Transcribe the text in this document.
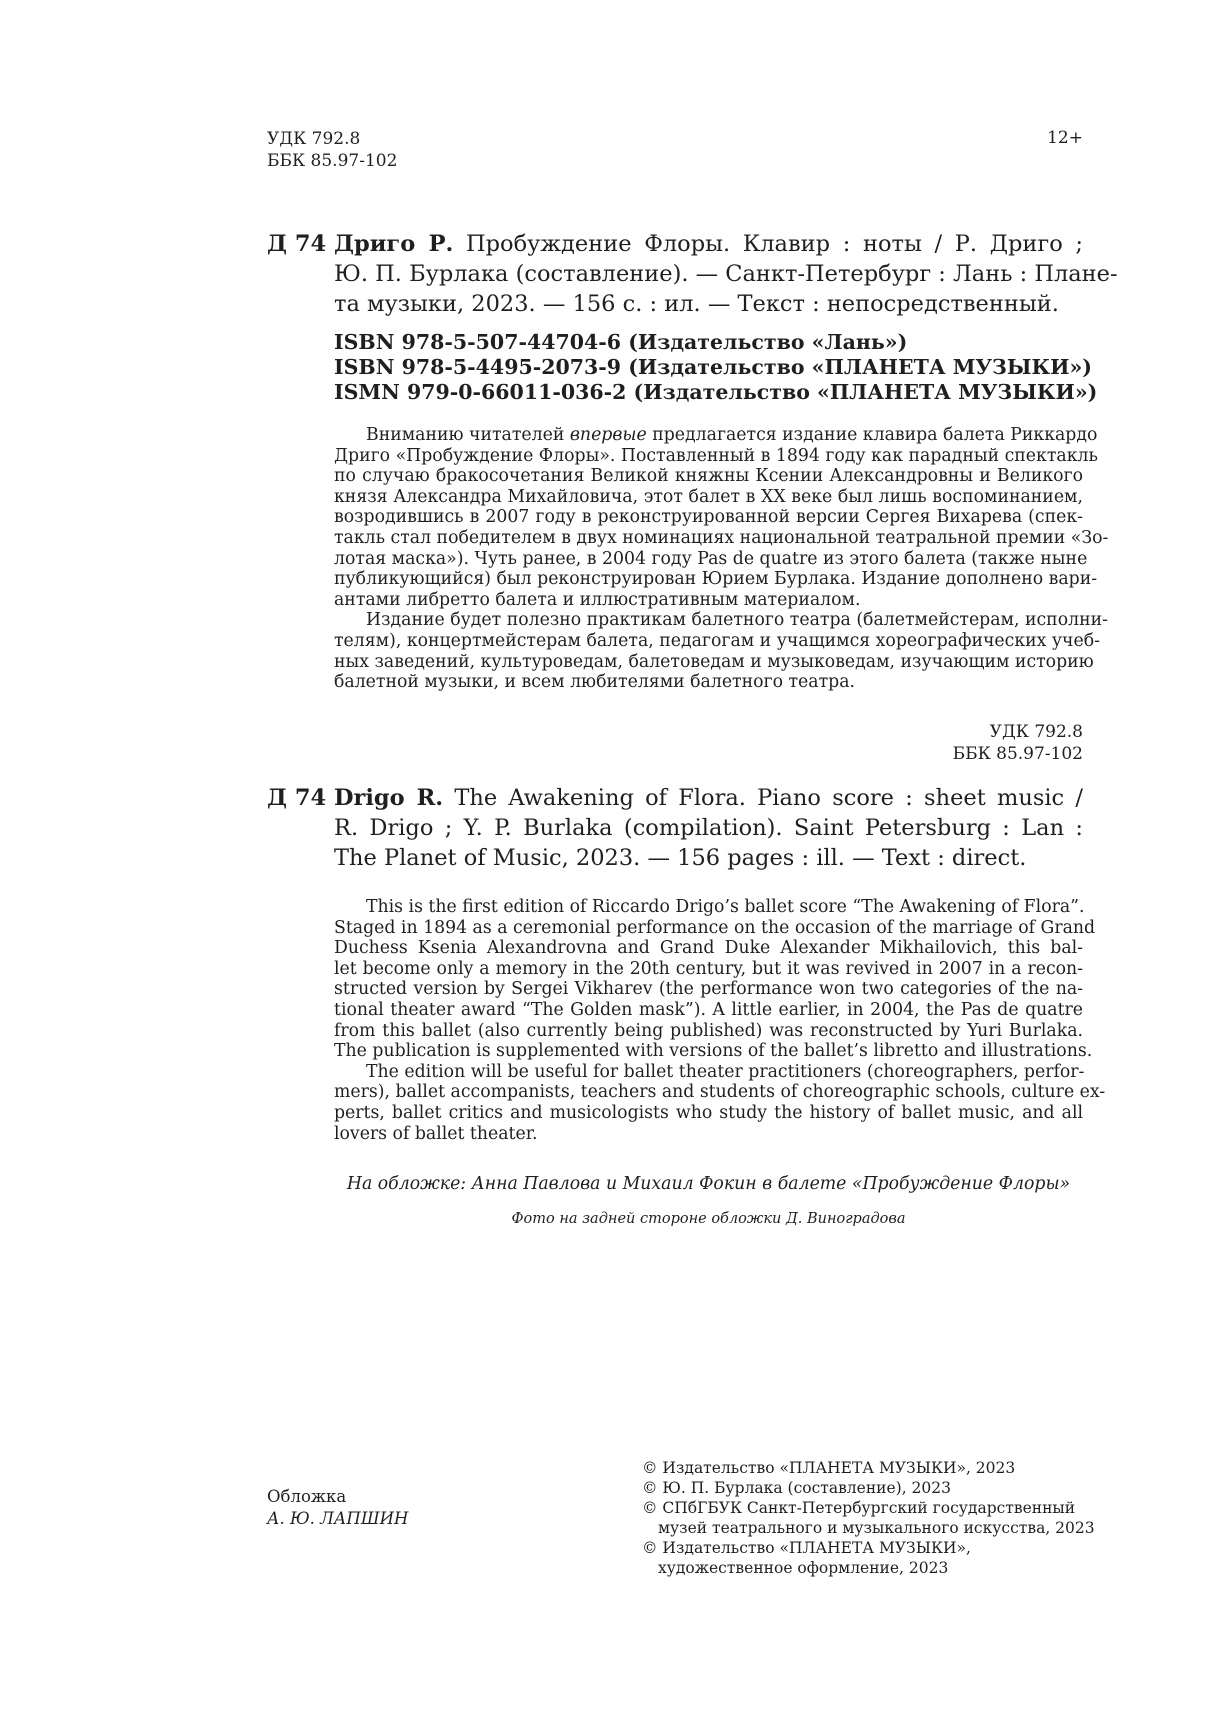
УДК 792.8
ББК 85.97-102
12+
Д 74 Дриго Р. Пробуждение Флоры. Клавир : ноты / Р. Дриго ;
Ю. П. Бурлака (составление). — Санкт-Петербург : Лань : Плане-
та музыки, 2023. — 156 с. : ил. — Текст : непосредственный.
ISBN 978-5-507-44704-6 (Издательство «Лань»)
ISBN 978-5-4495-2073-9 (Издательство «ПЛАНЕТА МУЗЫКИ»)
ISMN 979-0-66011-036-2 (Издательство «ПЛАНЕТА МУЗЫКИ»)
Вниманию читателей впервые предлагается издание клавира балета Риккардо
Дриго «Пробуждение Флоры». Поставленный в 1894 году как парадный спектакль
по случаю бракосочетания Великой княжны Ксении Александровны и Великого
князя Александра Михайловича, этот балет в XX веке был лишь воспоминанием,
возродившись в 2007 году в реконструированной версии Сергея Вихарева (спек-
такль стал победителем в двух номинациях национальной театральной премии «Зо-
лотая маска»). Чуть ранее, в 2004 году Pas de quatre из этого балета (также ныне
публикующийся) был реконструирован Юрием Бурлака. Издание дополнено вари-
антами либретто балета и иллюстративным материалом.
Издание будет полезно практикам балетного театра (балетмейстерам, исполни-
телям), концертмейстерам балета, педагогам и учащимся хореографических учеб-
ных заведений, культуроведам, балетоведам и музыковедам, изучающим историю
балетной музыки, и всем любителями балетного театра.
УДК 792.8
ББК 85.97-102
Д 74 Drigo R. The Awakening of Flora. Piano score : sheet music /
R. Drigo ; Y. P. Burlaka (compilation). Saint Petersburg : Lan :
The Planet of Music, 2023. — 156 pages : ill. — Text : direct.
This is the first edition of Riccardo Drigo’s ballet score “The Awakening of Flora”.
Staged in 1894 as a ceremonial performance on the occasion of the marriage of Grand
Duchess Ksenia Alexandrovna and Grand Duke Alexander Mikhailovich, this bal-
let become only a memory in the 20th century, but it was revived in 2007 in a recon-
structed version by Sergei Vikharev (the performance won two categories of the na-
tional theater award “The Golden mask”). A little earlier, in 2004, the Pas de quatre
from this ballet (also currently being published) was reconstructed by Yuri Burlaka.
The publication is supplemented with versions of the ballet’s libretto and illustrations.
The edition will be useful for ballet theater practitioners (choreographers, perfor-
mers), ballet accompanists, teachers and students of choreographic schools, culture ex-
perts, ballet critics and musicologists who study the history of ballet music, and all
lovers of ballet theater.
На обложке: Анна Павлова и Михаил Фокин в балете «Пробуждение Флоры»
Фото на задней стороне обложки Д. Виноградова
Обложка
А. Ю. ЛАПШИН
© Издательство «ПЛАНЕТА МУЗЫКИ», 2023
© Ю. П. Бурлака (составление), 2023
© СПбГБУК Санкт-Петербургский государственный
музей театрального и музыкального искусства, 2023
© Издательство «ПЛАНЕТА МУЗЫКИ»,
художественное оформление, 2023
